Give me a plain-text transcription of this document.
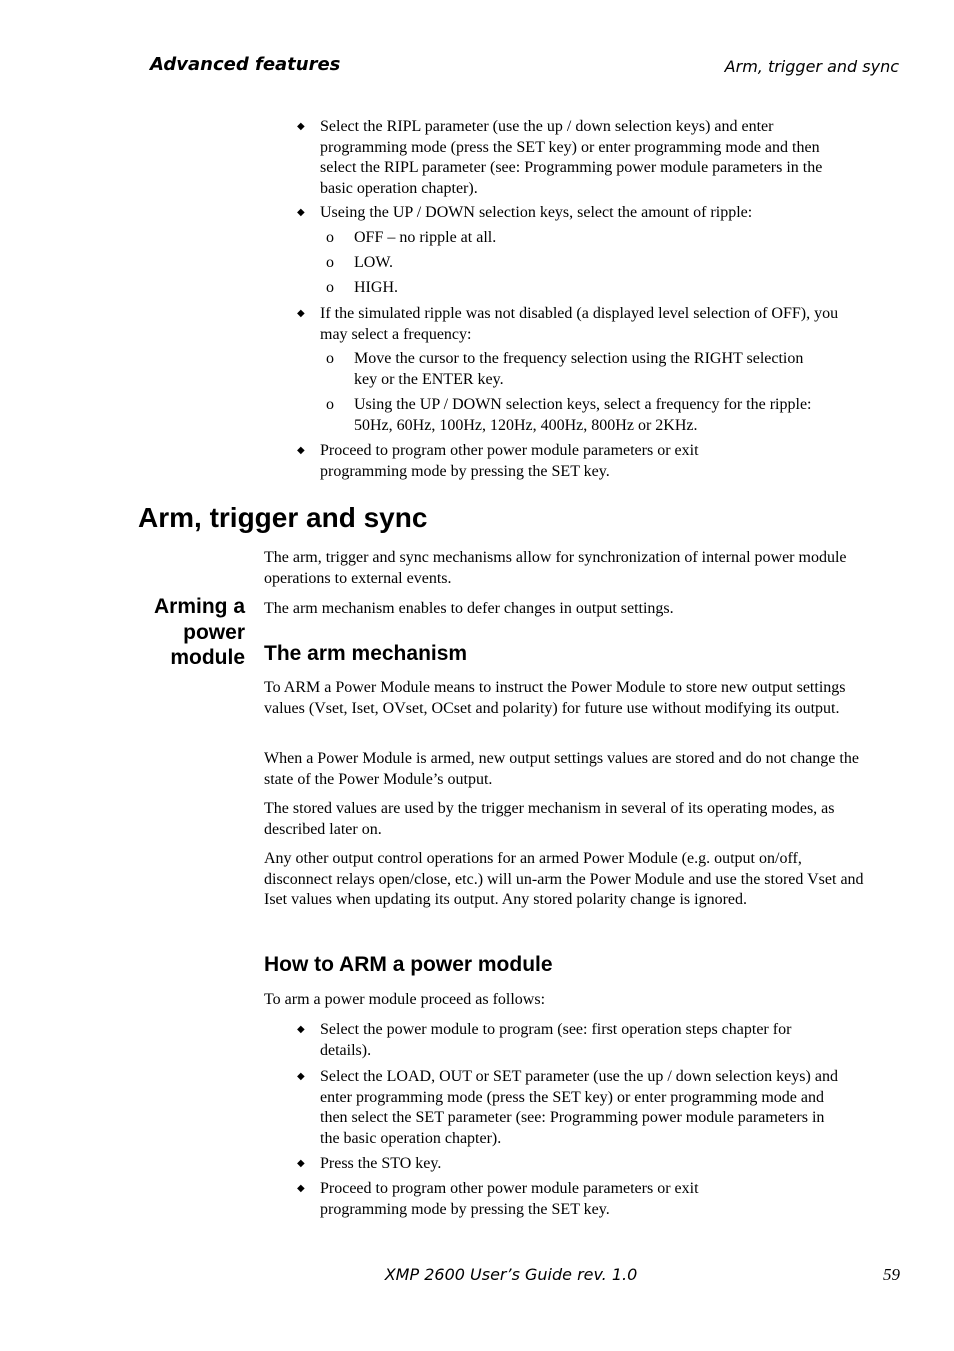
Advanced features	Arm, trigger and sync
◆ Select the RIPL parameter (use the up / down selection keys) and enter programming mode (press the SET key) or enter programming mode and then select the RIPL parameter (see: Programming power module parameters in the basic operation chapter).
◆ Useing the UP / DOWN selection keys, select the amount of ripple:
o OFF – no ripple at all.
o LOW.
o HIGH.
◆ If the simulated ripple was not disabled (a displayed level selection of OFF), you may select a frequency:
o Move the cursor to the frequency selection using the RIGHT selection key or the ENTER key.
o Using the UP / DOWN selection keys, select a frequency for the ripple: 50Hz, 60Hz, 100Hz, 120Hz, 400Hz, 800Hz or 2KHz.
◆ Proceed to program other power module parameters or exit programming mode by pressing the SET key.
Arm, trigger and sync
The arm, trigger and sync mechanisms allow for synchronization of internal power module operations to external events.
Arming a power module
The arm mechanism enables to defer changes in output settings.
The arm mechanism
To ARM a Power Module means to instruct the Power Module to store new output settings values (Vset, Iset, OVset, OCset and polarity) for future use without modifying its output.
When a Power Module is armed, new output settings values are stored and do not change the state of the Power Module’s output.
The stored values are used by the trigger mechanism in several of its operating modes, as described later on.
Any other output control operations for an armed Power Module (e.g. output on/off, disconnect relays open/close, etc.) will un-arm the Power Module and use the stored Vset and Iset values when updating its output. Any stored polarity change is ignored.
How to ARM a power module
To arm a power module proceed as follows:
◆ Select the power module to program (see: first operation steps chapter for details).
◆ Select the LOAD, OUT or SET parameter (use the up / down selection keys) and enter programming mode (press the SET key) or enter programming mode and then select the SET parameter (see: Programming power module parameters in the basic operation chapter).
◆ Press the STO key.
◆ Proceed to program other power module parameters or exit programming mode by pressing the SET key.
XMP 2600 User’s Guide rev. 1.0	59
